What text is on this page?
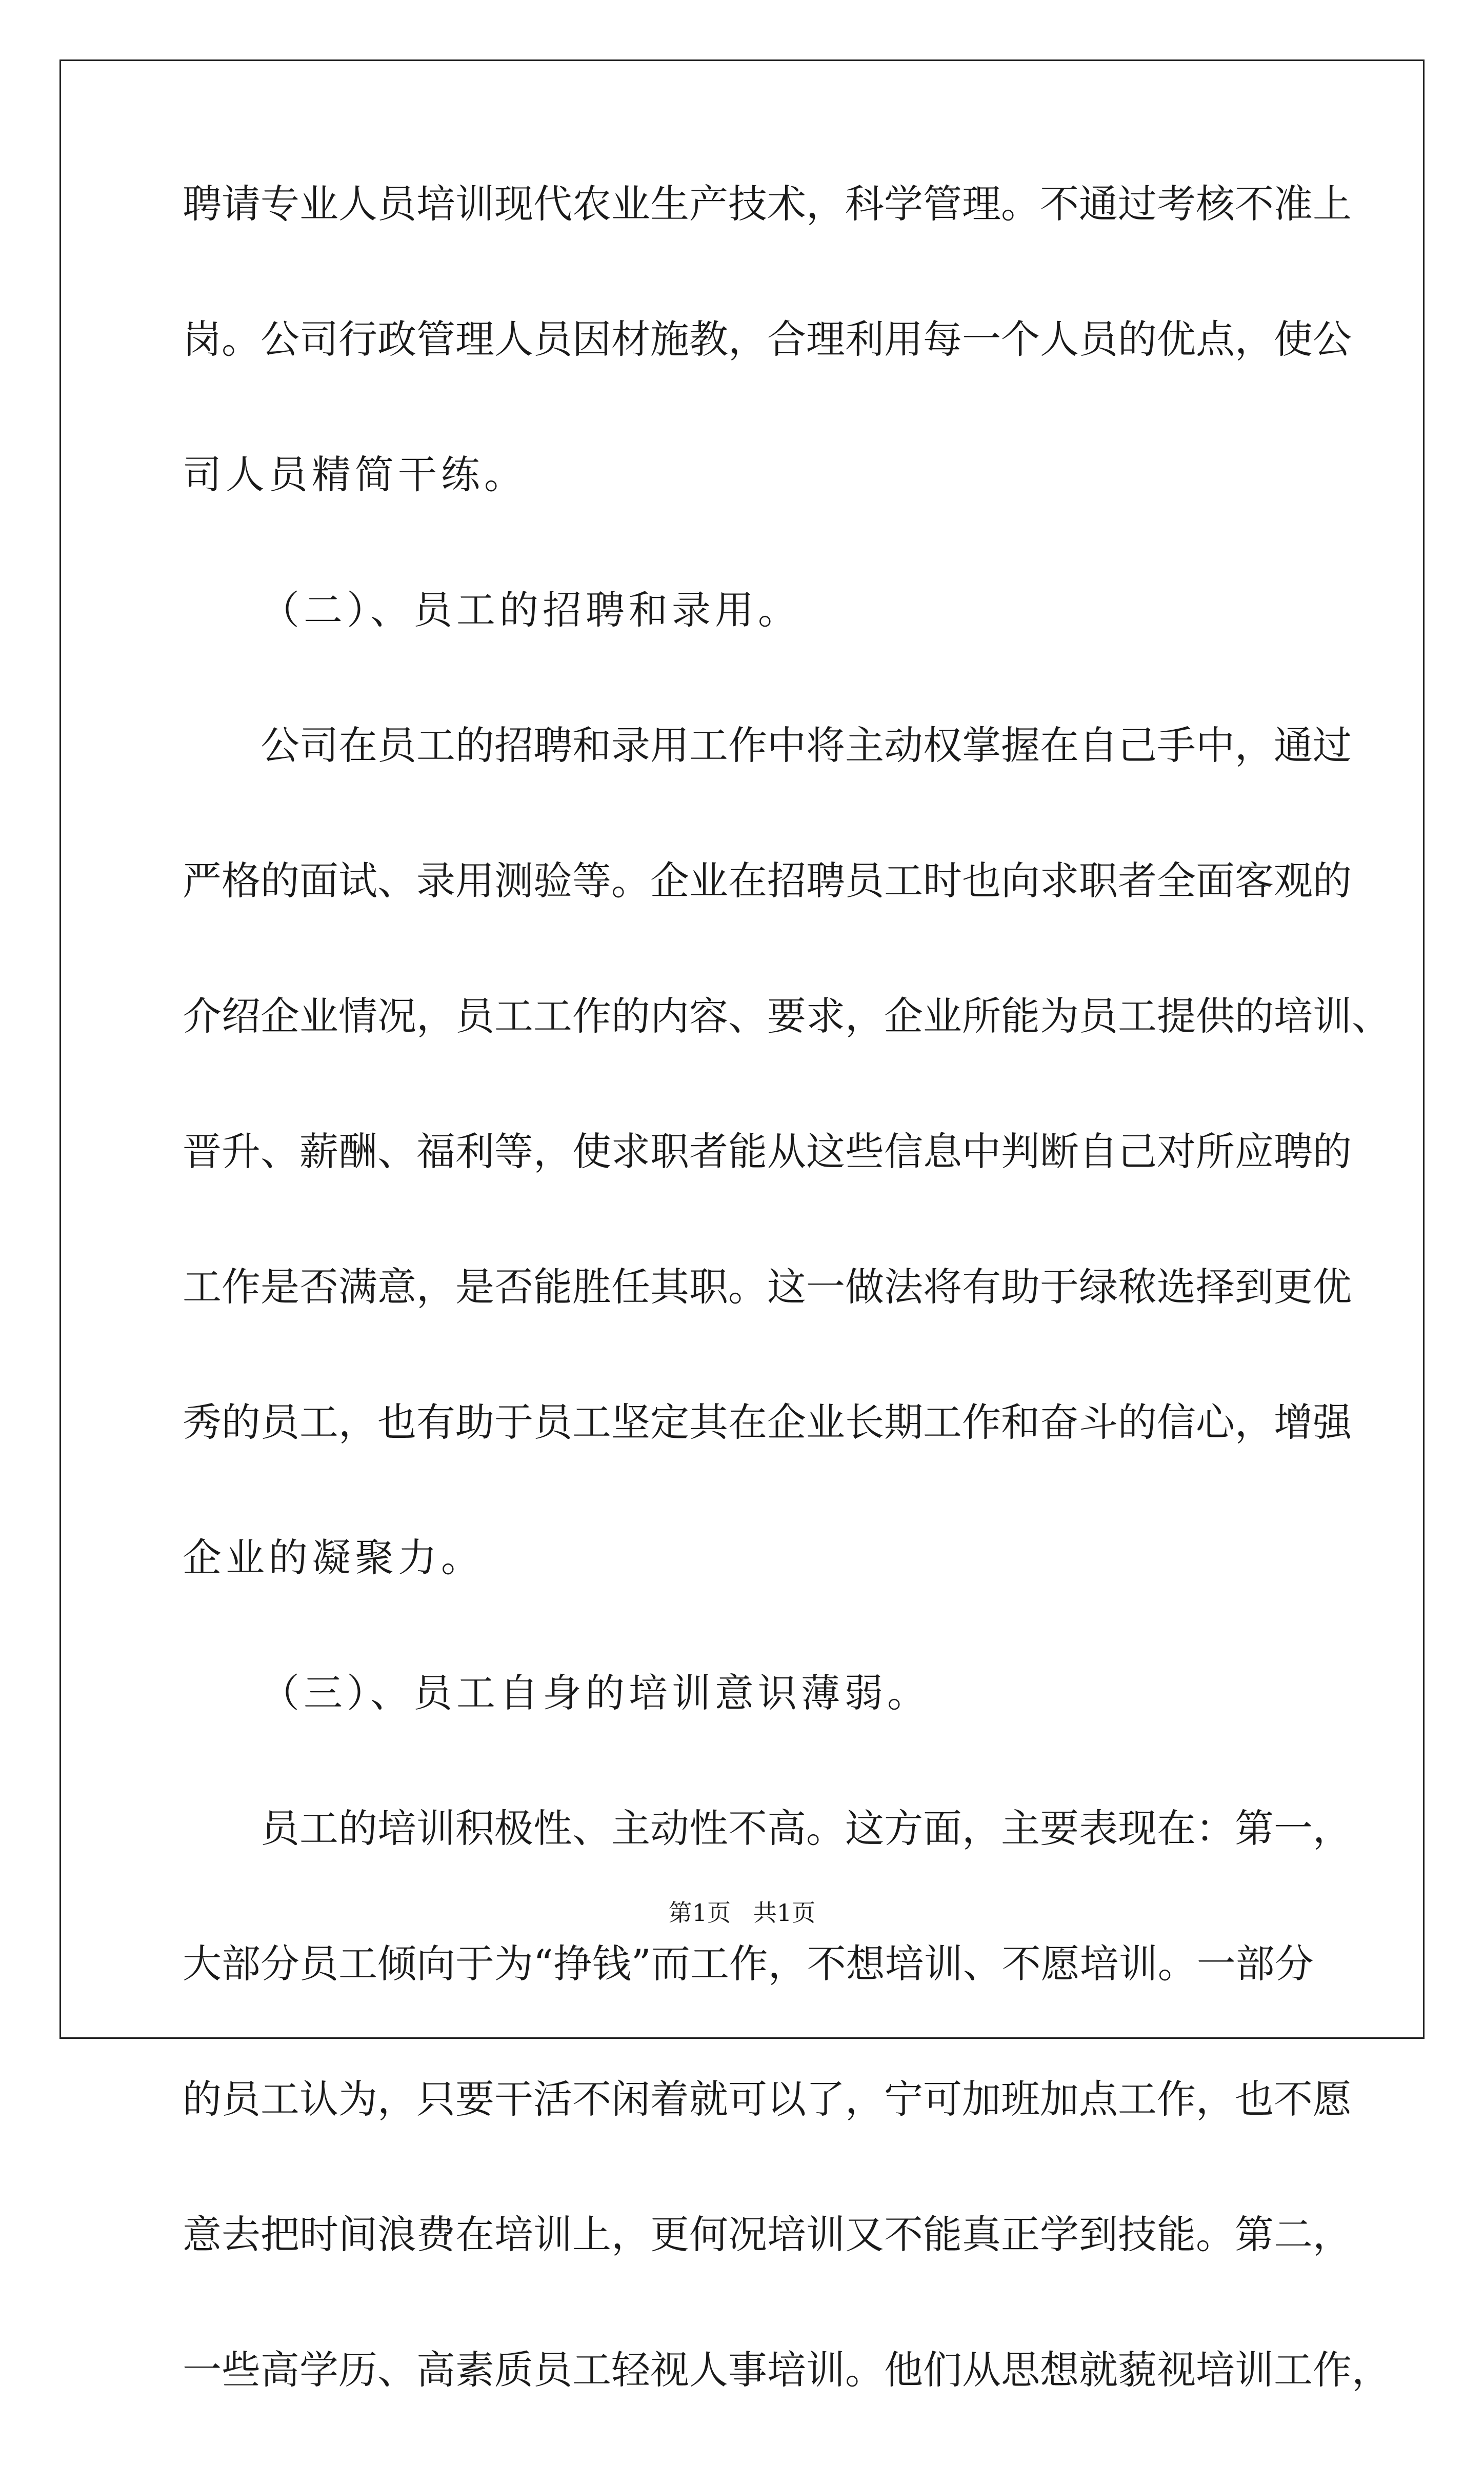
聘请专业人员培训现代农业生产技术，科学管理。不通过考核不准上
岗。公司行政管理人员因材施教，合理利用每一个人员的优点，使公
司人员精简干练。
（二）、员工的招聘和录用。
公司在员工的招聘和录用工作中将主动权掌握在自己手中，通过
严格的面试、录用测验等。企业在招聘员工时也向求职者全面客观的
介绍企业情况，员工工作的内容、要求，企业所能为员工提供的培训、
晋升、薪酬、福利等，使求职者能从这些信息中判断自己对所应聘的
工作是否满意，是否能胜任其职。这一做法将有助于绿秾选择到更优
秀的员工，也有助于员工坚定其在企业长期工作和奋斗的信心，增强
企业的凝聚力。
（三）、员工自身的培训意识薄弱。
员工的培训积极性、主动性不高。这方面，主要表现在：第一，
大部分员工倾向于为“挣钱”而工作，不想培训、不愿培训。一部分
的员工认为，只要干活不闲着就可以了，宁可加班加点工作，也不愿
意去把时间浪费在培训上，更何况培训又不能真正学到技能。第二，
一些高学历、高素质员工轻视人事培训。他们从思想就藐视培训工作，
第1页   共1页
